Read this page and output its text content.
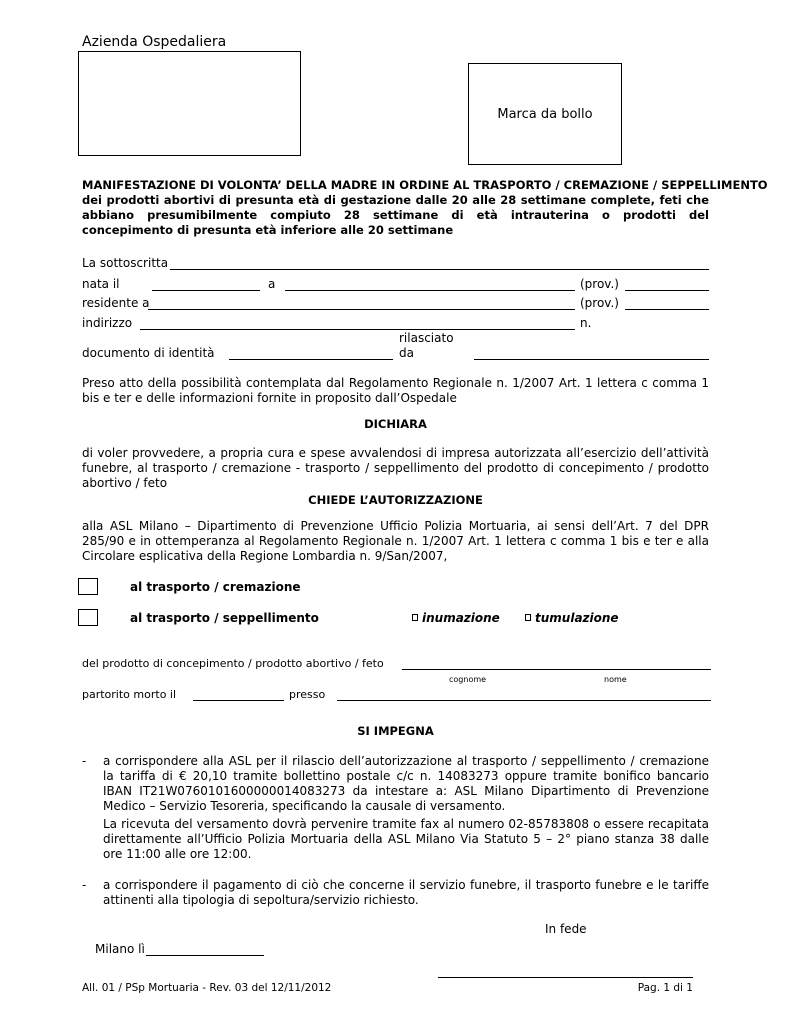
Azienda Ospedaliera
Marca da bollo
MANIFESTAZIONE DI VOLONTA’ DELLA MADRE IN ORDINE AL TRASPORTO / CREMAZIONE / SEPPELLIMENTO
dei prodotti abortivi di presunta età di gestazione dalle 20 alle 28 settimane complete, feti che abbiano presumibilmente compiuto 28 settimane di età intrauterina o prodotti del concepimento di presunta età inferiore alle 20 settimane
La sottoscritta
nata il	a	(prov.)
residente a	(prov.)
indirizzo	n.
documento di identità
rilasciato
da
Preso atto della possibilità contemplata dal Regolamento Regionale n. 1/2007 Art. 1 lettera c comma 1 bis e ter e delle informazioni fornite in proposito dall’Ospedale
DICHIARA
di voler provvedere, a propria cura e spese avvalendosi di impresa autorizzata all’esercizio dell’attività funebre, al trasporto / cremazione - trasporto / seppellimento del prodotto di concepimento / prodotto abortivo / feto
CHIEDE L’AUTORIZZAZIONE
alla ASL Milano – Dipartimento di Prevenzione Ufficio Polizia Mortuaria, ai sensi dell’Art. 7 del DPR 285/90 e in ottemperanza al Regolamento Regionale n. 1/2007 Art. 1 lettera c comma 1 bis e ter e alla Circolare esplicativa della Regione Lombardia n. 9/San/2007,
al trasporto / cremazione
al trasporto / seppellimento	inumazione	tumulazione
del prodotto di concepimento / prodotto abortivo / feto
cognome	nome
partorito morto il	presso
SI IMPEGNA
- a corrispondere alla ASL per il rilascio dell’autorizzazione al trasporto / seppellimento / cremazione la tariffa di € 20,10 tramite bollettino postale c/c n. 14083273 oppure tramite bonifico bancario IBAN IT21W0760101600000014083273 da intestare a: ASL Milano Dipartimento di Prevenzione Medico – Servizio Tesoreria, specificando la causale di versamento.
La ricevuta del versamento dovrà pervenire tramite fax al numero 02-85783808 o essere recapitata direttamente all’Ufficio Polizia Mortuaria della ASL Milano Via Statuto 5 – 2° piano stanza 38 dalle ore 11:00 alle ore 12:00.
- a corrispondere il pagamento di ciò che concerne il servizio funebre, il trasporto funebre e le tariffe attinenti alla tipologia di sepoltura/servizio richiesto.
In fede
Milano lì
All. 01 / PSp Mortuaria - Rev. 03 del 12/11/2012	Pag. 1 di 1
